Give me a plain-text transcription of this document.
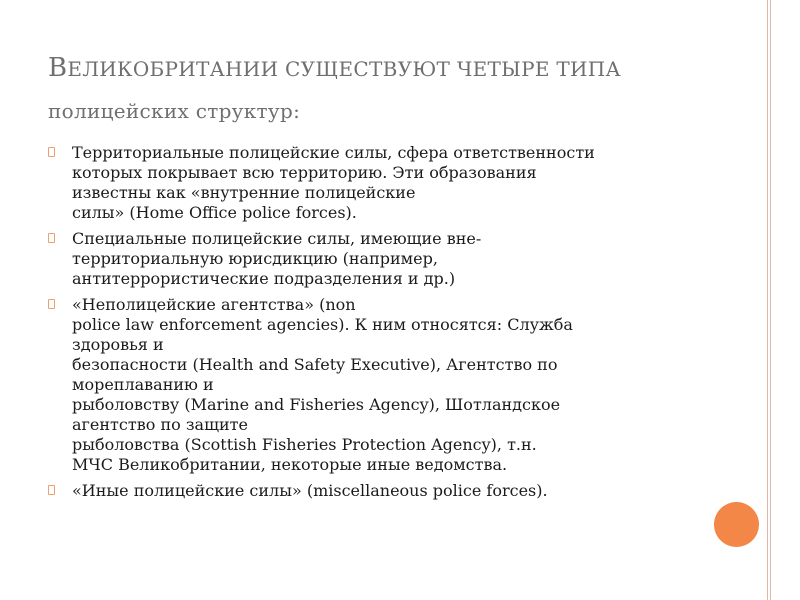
ВЕЛИКОБРИТАНИИ СУЩЕСТВУЮТ ЧЕТЫРЕ ТИПА
полицейских структур:

Территориальные полицейские силы, сфера ответственности
которых покрывает всю территорию. Эти образования
известны как «внутренние полицейские
силы» (Home Office police forces).

Специальные полицейские силы, имеющие вне-
территориальную юрисдикцию (например,
антитеррористические подразделения и др.)

«Неполицейские агентства» (non
police law enforcement agencies). К ним относятся: Служба
здоровья и
безопасности (Health and Safety Executive), Агентство по
мореплаванию и
рыболовству (Marine and Fisheries Agency), Шотландское
агентство по защите
рыболовства (Scottish Fisheries Protection Agency), т.н.
МЧС Великобритании, некоторые иные ведомства.

«Иные полицейские силы» (miscellaneous police forces).
